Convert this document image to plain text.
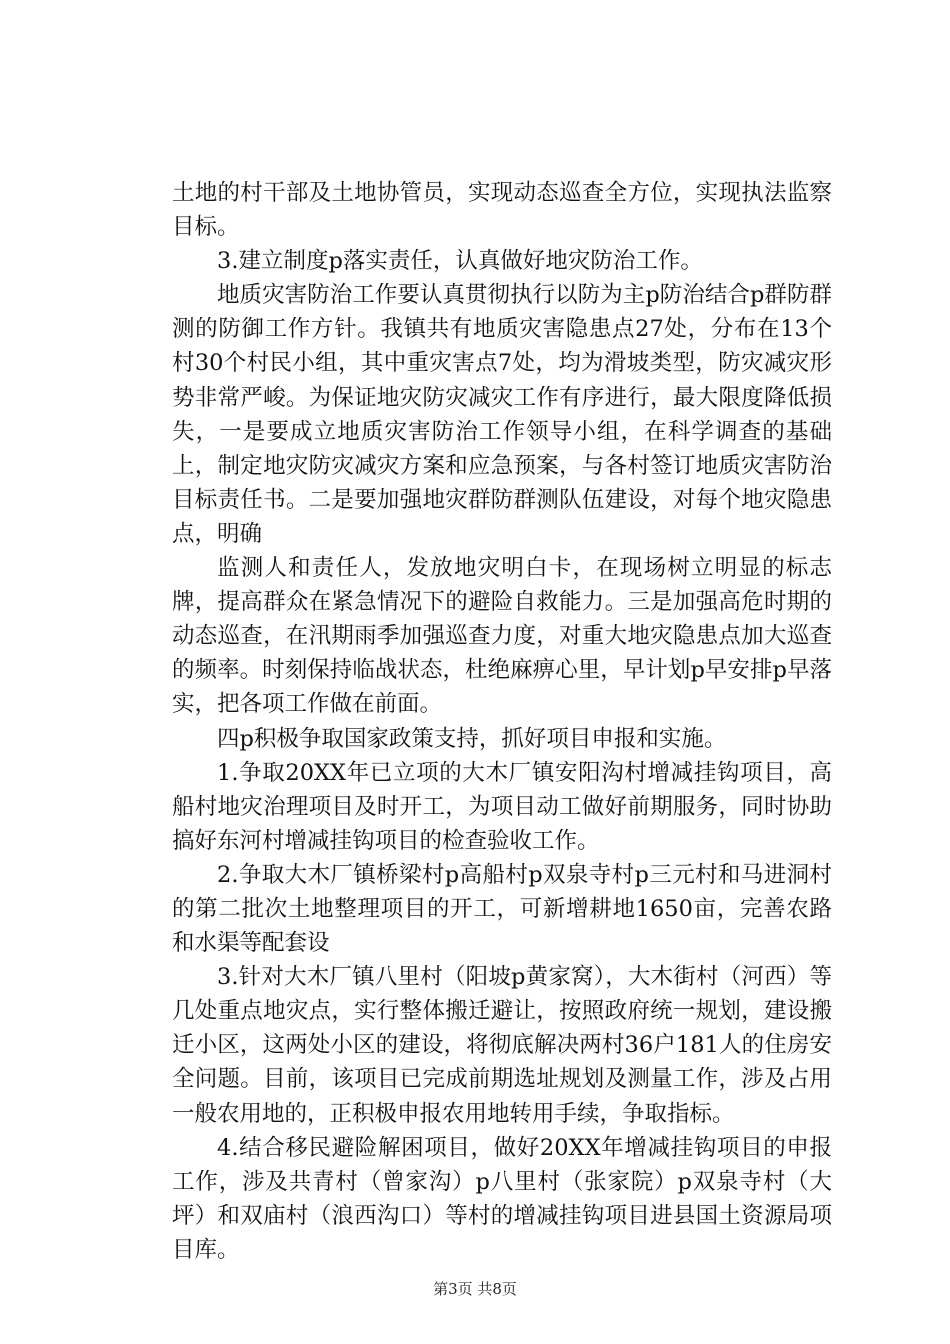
土地的村干部及土地协管员，实现动态巡查全方位，实现执法监察目标。

3.建立制度p落实责任，认真做好地灾防治工作。

地质灾害防治工作要认真贯彻执行以防为主p防治结合p群防群测的防御工作方针。我镇共有地质灾害隐患点27处，分布在13个村30个村民小组，其中重灾害点7处，均为滑坡类型，防灾减灾形势非常严峻。为保证地灾防灾减灾工作有序进行，最大限度降低损失，一是要成立地质灾害防治工作领导小组，在科学调查的基础上，制定地灾防灾减灾方案和应急预案，与各村签订地质灾害防治目标责任书。二是要加强地灾群防群测队伍建设，对每个地灾隐患点，明确

监测人和责任人，发放地灾明白卡，在现场树立明显的标志牌，提高群众在紧急情况下的避险自救能力。三是加强高危时期的动态巡查，在汛期雨季加强巡查力度，对重大地灾隐患点加大巡查的频率。时刻保持临战状态，杜绝麻痹心里，早计划p早安排p早落实，把各项工作做在前面。

四p积极争取国家政策支持，抓好项目申报和实施。

1.争取20XX年已立项的大木厂镇安阳沟村增减挂钩项目，高船村地灾治理项目及时开工，为项目动工做好前期服务，同时协助搞好东河村增减挂钩项目的检查验收工作。

2.争取大木厂镇桥梁村p高船村p双泉寺村p三元村和马进洞村的第二批次土地整理项目的开工，可新增耕地1650亩，完善农路和水渠等配套设

3.针对大木厂镇八里村（阳坡p黄家窝），大木街村（河西）等几处重点地灾点，实行整体搬迁避让，按照政府统一规划，建设搬迁小区，这两处小区的建设，将彻底解决两村36户181人的住房安全问题。目前，该项目已完成前期选址规划及测量工作，涉及占用一般农用地的，正积极申报农用地转用手续，争取指标。

4.结合移民避险解困项目，做好20XX年增减挂钩项目的申报工作，涉及共青村（曾家沟）p八里村（张家院）p双泉寺村（大坪）和双庙村（浪西沟口）等村的增减挂钩项目进县国土资源局项目库。

第3页 共8页
